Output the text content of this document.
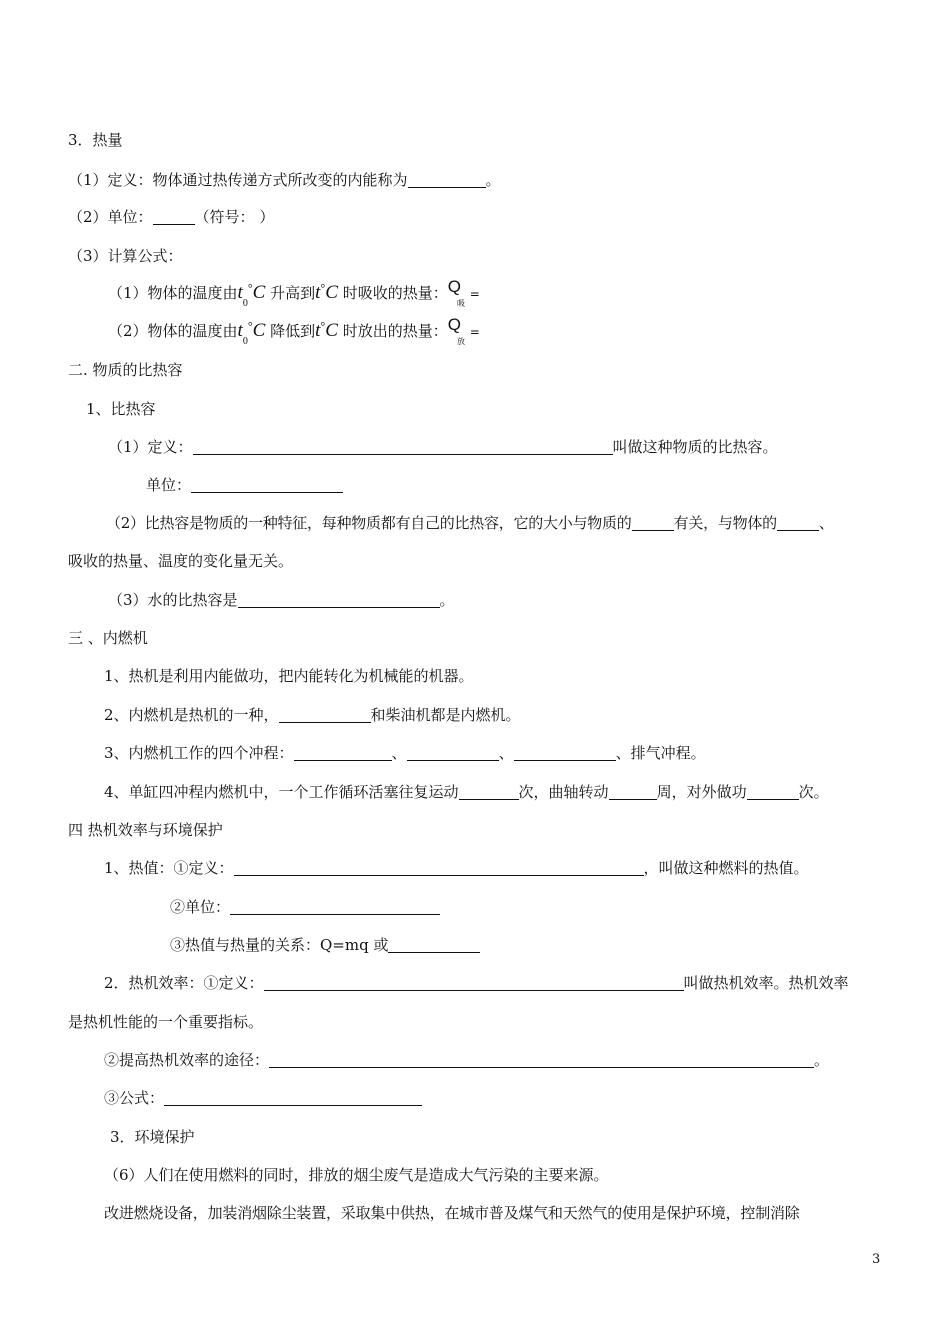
3．热量
（1）定义：物体通过热传递方式所改变的内能称为	。
（2）单位：	（符号： ）
（3）计算公式：
（1）物体的温度由$t_0^\circ C$ 升高到t°C 时吸收的热量：$Q_吸$ =
（2）物体的温度由$t_0^\circ C$ 降低到t°C 时放出的热量：$Q_放$ =
二. 物质的比热容
1、比热容
（1）定义：	叫做这种物质的比热容。
单位：
（2）比热容是物质的一种特征，每种物质都有自己的比热容，它的大小与物质的	有关，与物体的	、
吸收的热量、温度的变化量无关。
（3）水的比热容是	。
三 、内燃机
1、热机是利用内能做功，把内能转化为机械能的机器。
2、内燃机是热机的一种，	和柴油机都是内燃机。
3、内燃机工作的四个冲程：	、	、	、排气冲程。
4、单缸四冲程内燃机中，一个工作循环活塞往复运动	次，曲轴转动	周，对外做功	次。
四 热机效率与环境保护
1、热值：①定义：	，叫做这种燃料的热值。
②单位：
③热值与热量的关系：Q=mq 或
2．热机效率：①定义：	叫做热机效率。热机效率
是热机性能的一个重要指标。
②提高热机效率的途径：	。
③公式：
3．环境保护
（6）人们在使用燃料的同时，排放的烟尘废气是造成大气污染的主要来源。
改进燃烧设备，加装消烟除尘装置，采取集中供热，在城市普及煤气和天然气的使用是保护环境，控制消除
3
